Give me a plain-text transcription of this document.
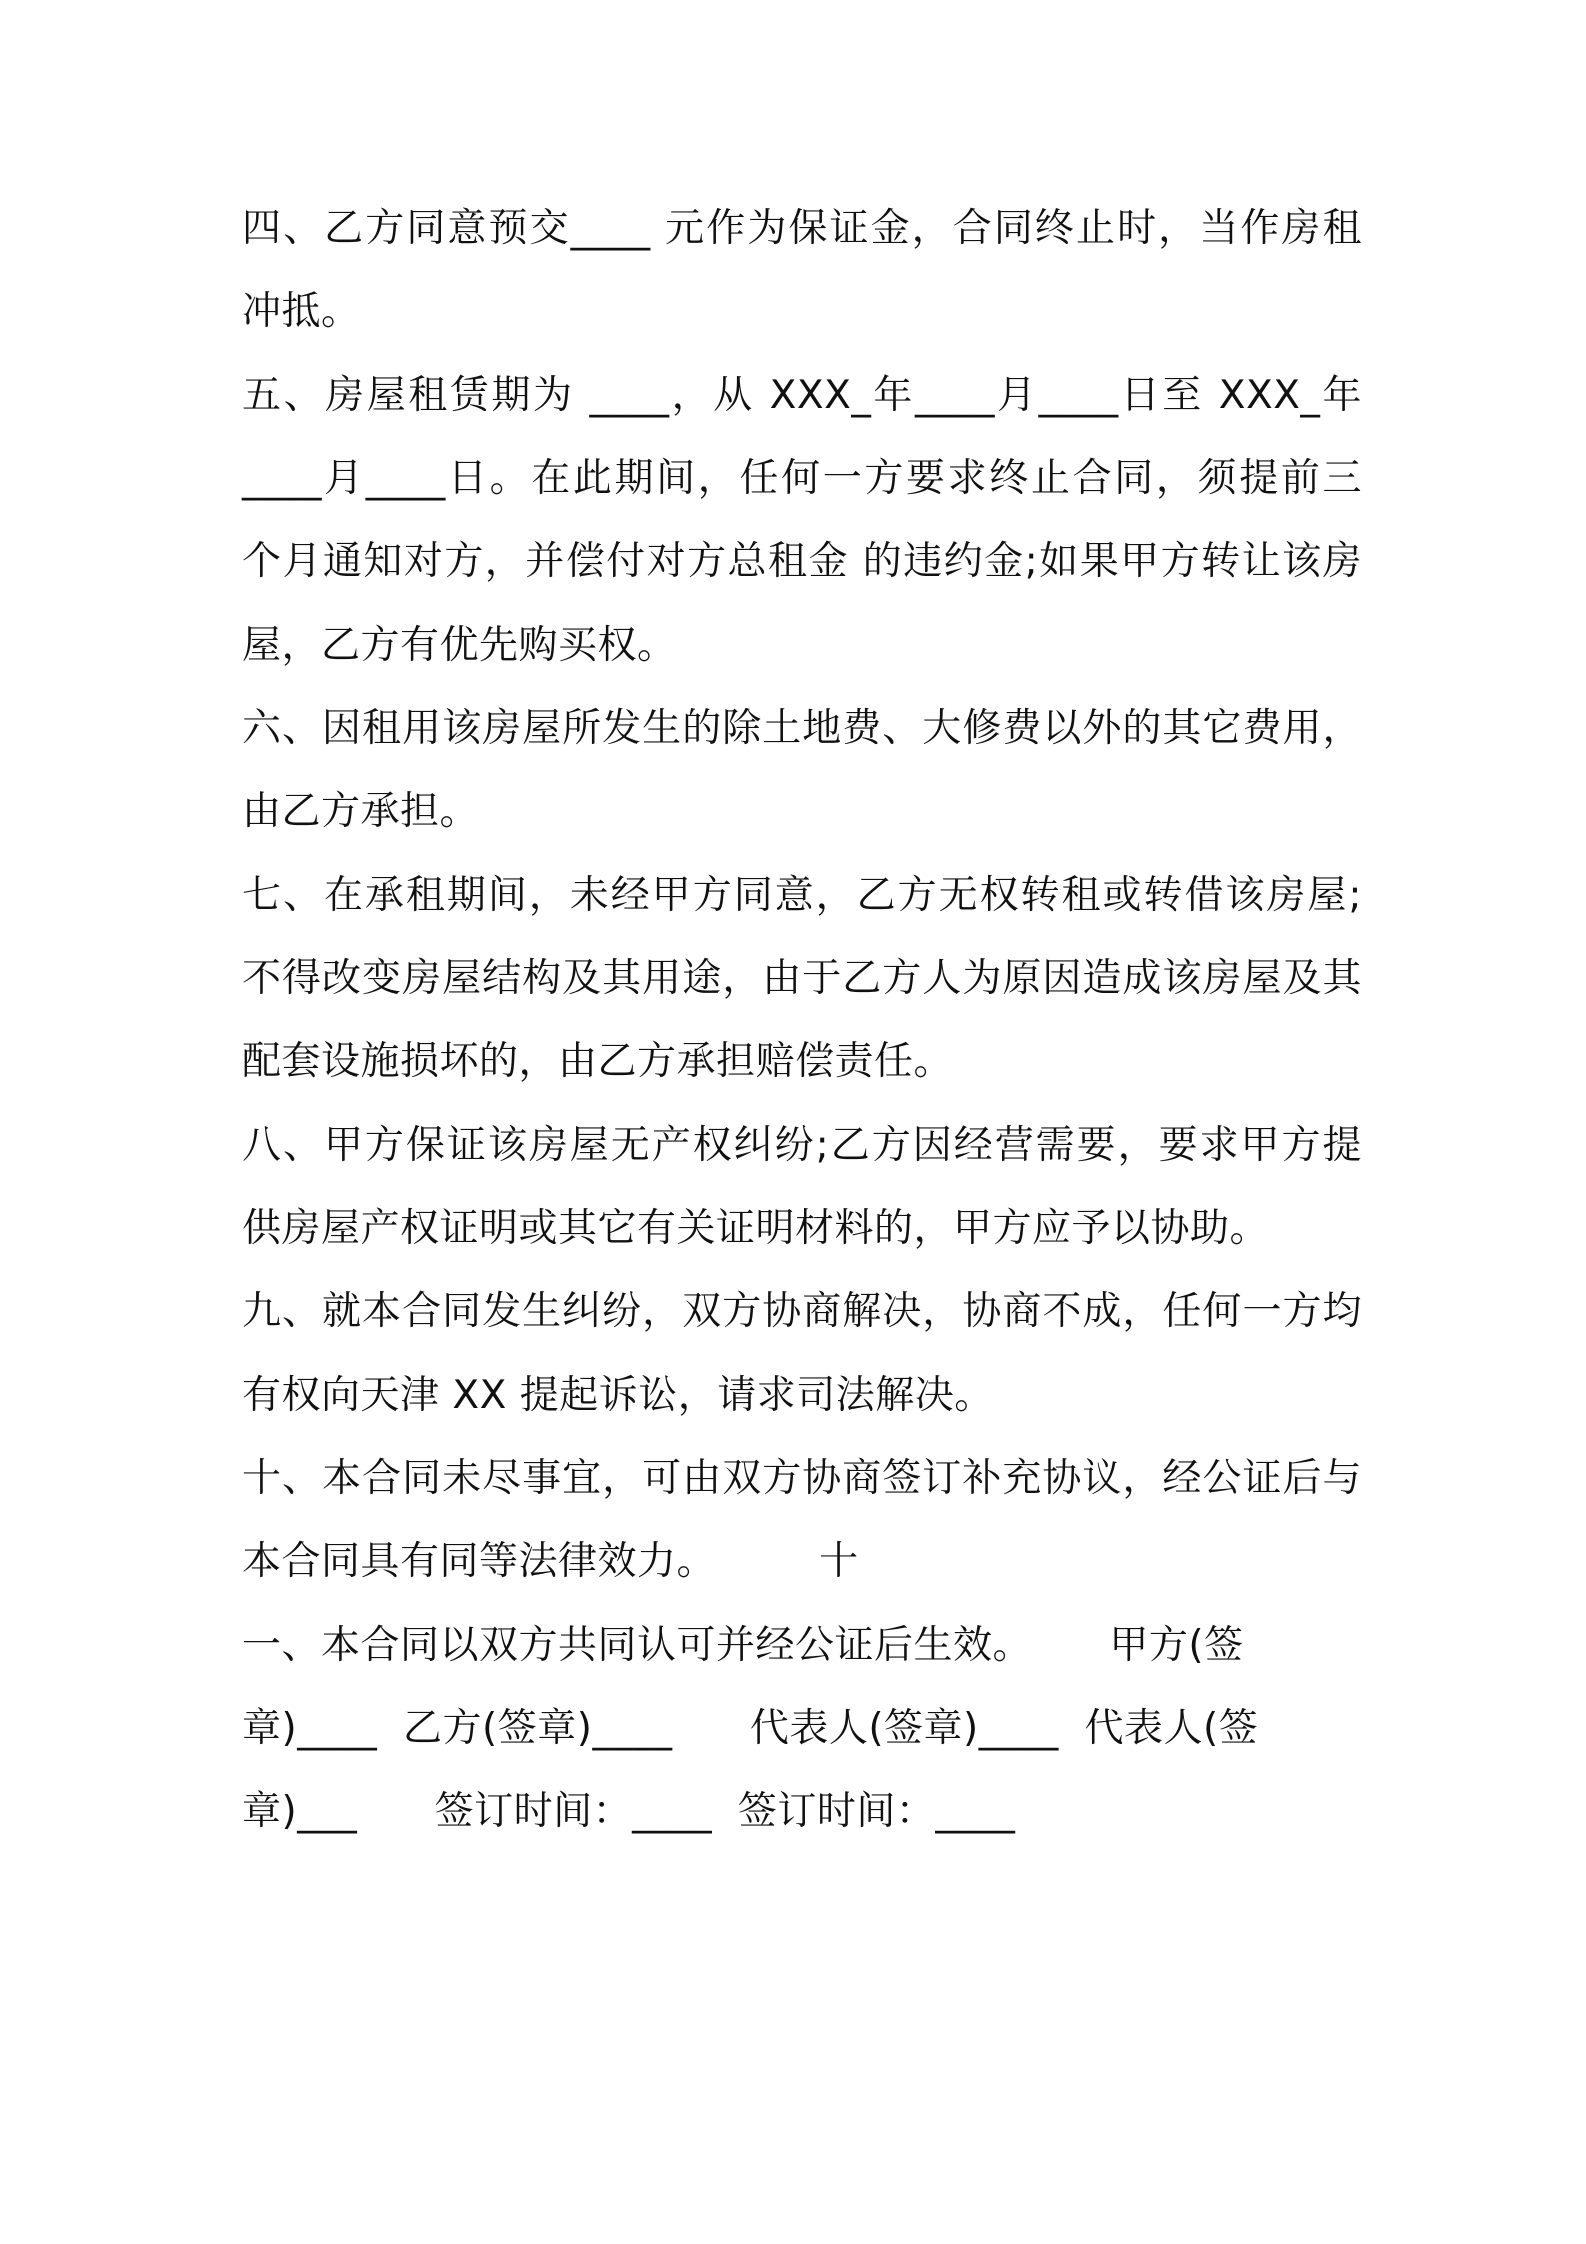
四、乙方同意预交____ 元作为保证金，合同终止时，当作房租
冲抵。
五、房屋租赁期为 ____，从 XXX_年____月____日至 XXX_年
____月____日。在此期间，任何一方要求终止合同，须提前三
个月通知对方，并偿付对方总租金 的违约金;如果甲方转让该房
屋，乙方有优先购买权。
六、因租用该房屋所发生的除土地费、大修费以外的其它费用，
由乙方承担。
七、在承租期间，未经甲方同意，乙方无权转租或转借该房屋;
不得改变房屋结构及其用途，由于乙方人为原因造成该房屋及其
配套设施损坏的，由乙方承担赔偿责任。
八、甲方保证该房屋无产权纠纷;乙方因经营需要，要求甲方提
供房屋产权证明或其它有关证明材料的，甲方应予以协助。
九、就本合同发生纠纷，双方协商解决，协商不成，任何一方均
有权向天津 XX 提起诉讼，请求司法解决。
十、本合同未尽事宜，可由双方协商签订补充协议，经公证后与
本合同具有同等法律效力。        十
一、本合同以双方共同认可并经公证后生效。      甲方(签
章)____  乙方(签章)____      代表人(签章)____  代表人(签
章)___      签订时间：____  签订时间：____
